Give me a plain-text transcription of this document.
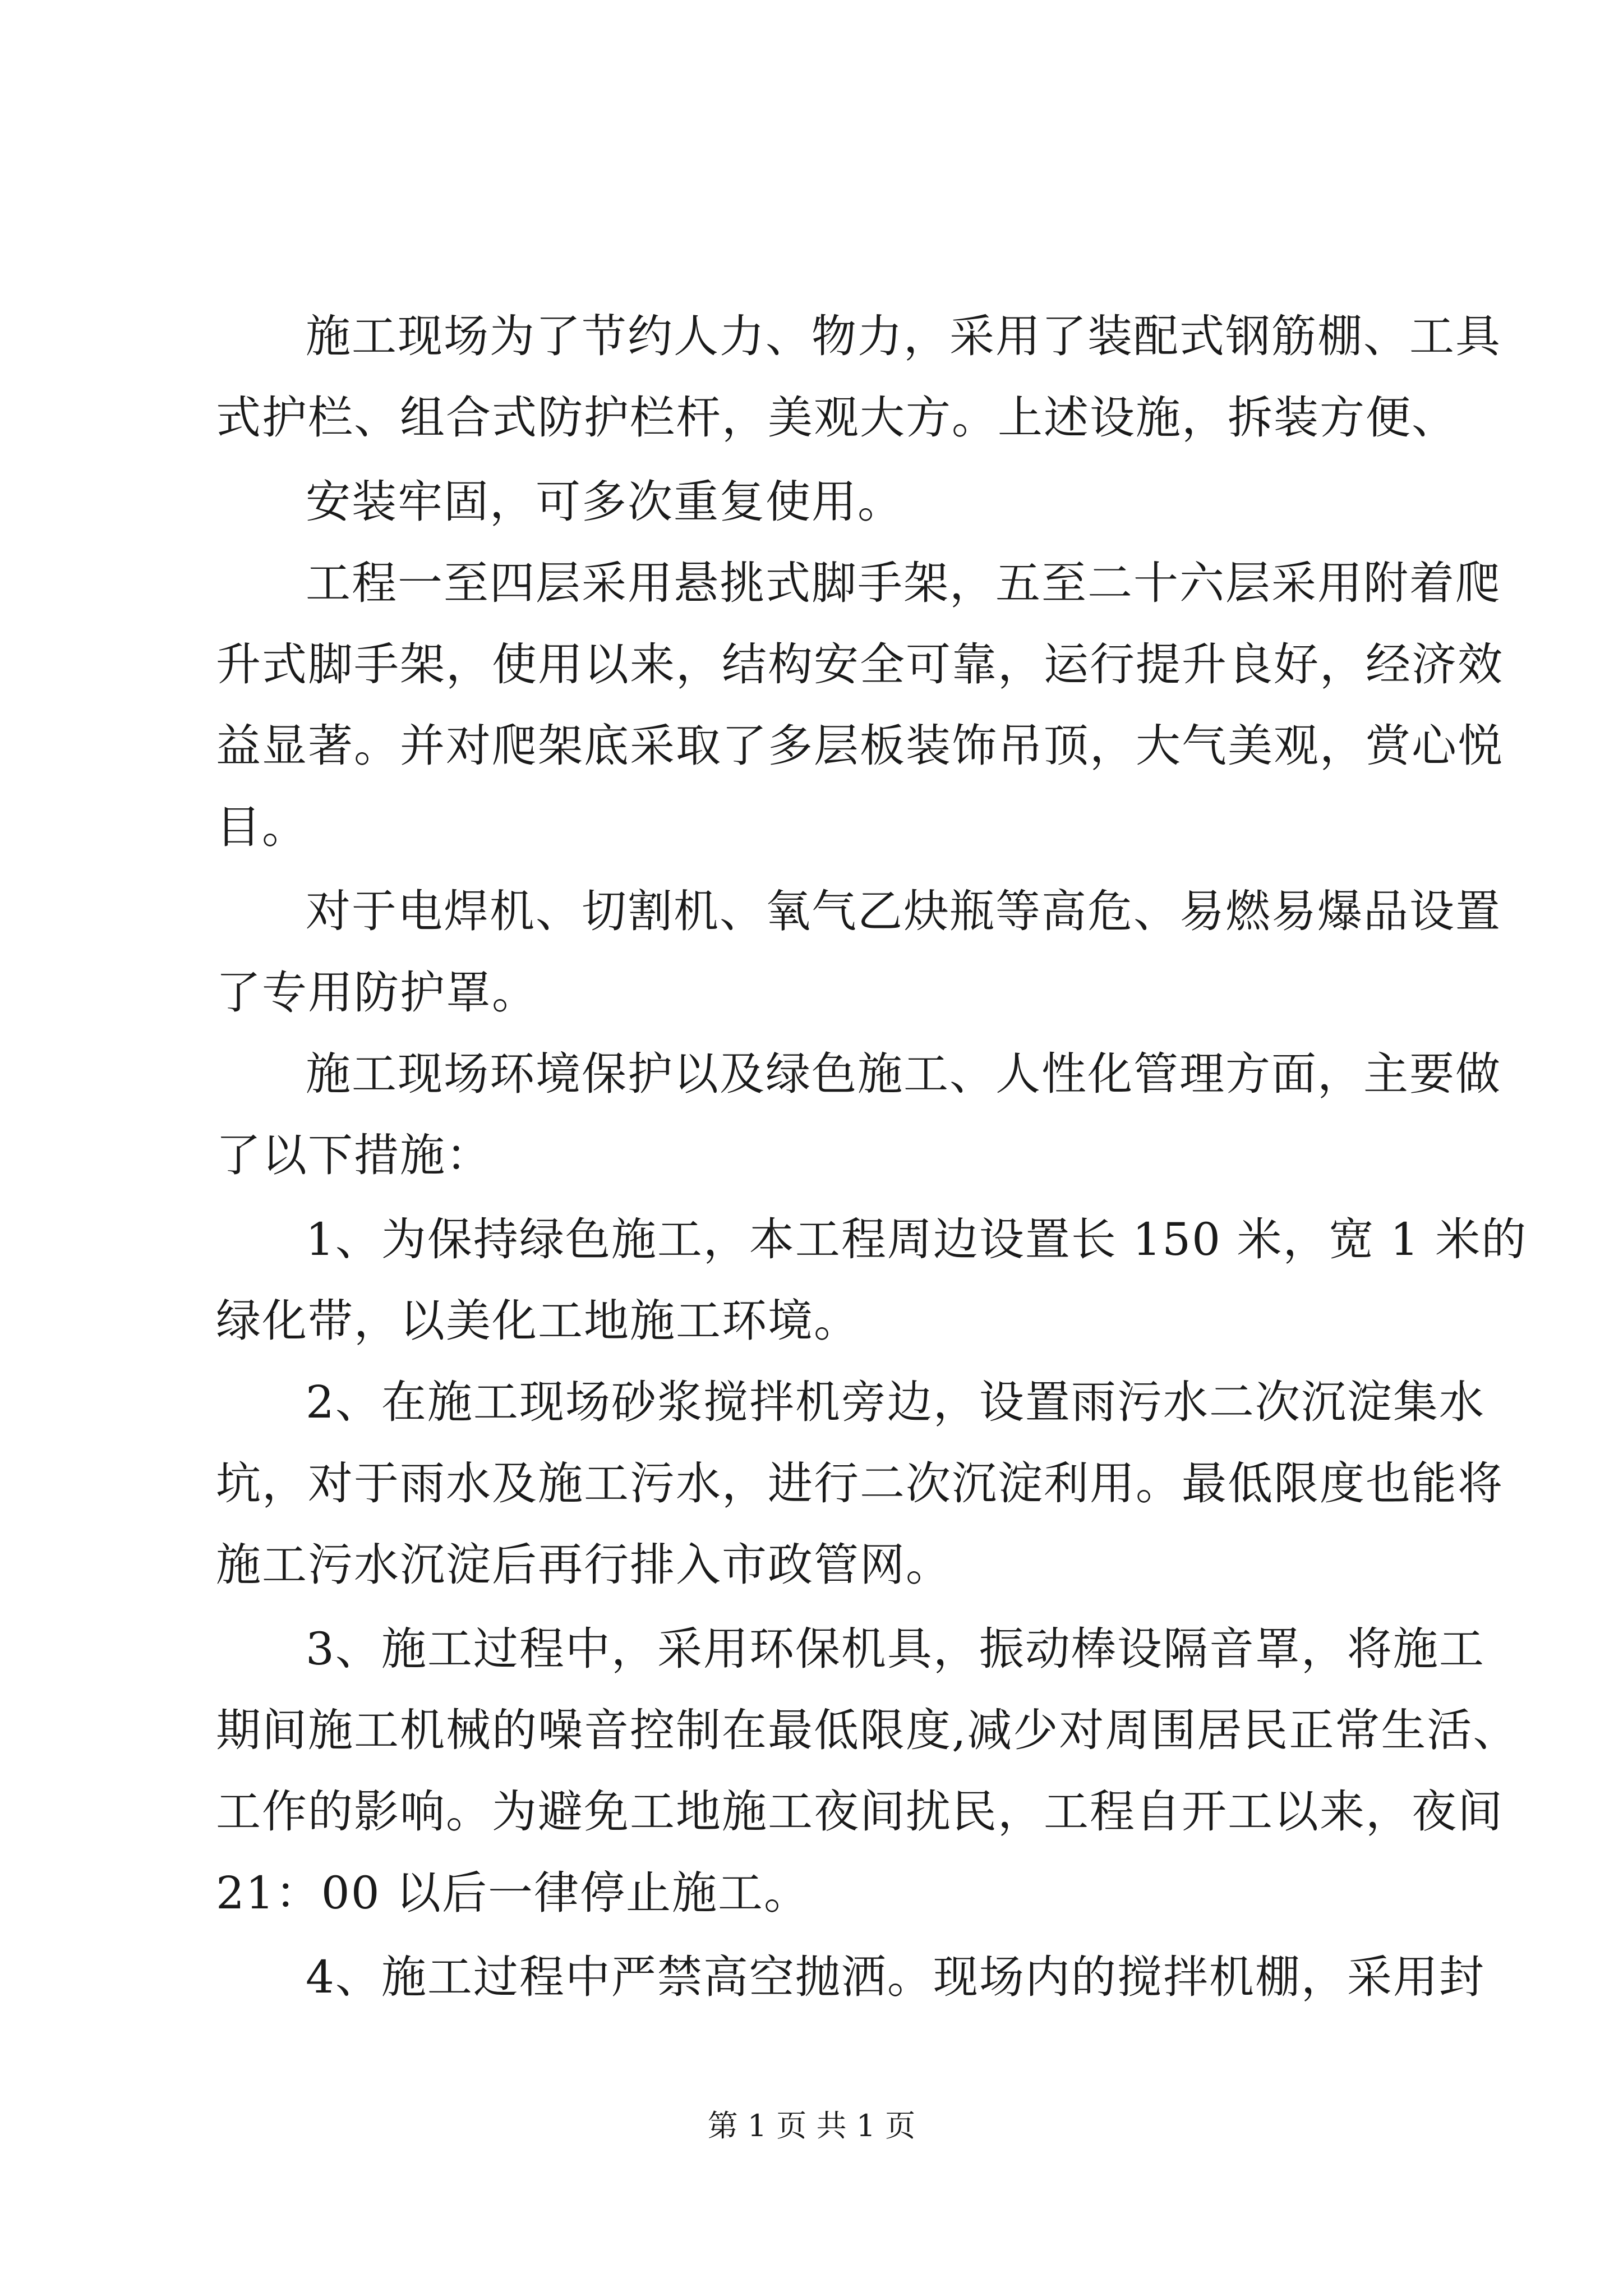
施工现场为了节约人力、物力，采用了装配式钢筋棚、工具
式护栏、组合式防护栏杆，美观大方。上述设施，拆装方便、
安装牢固，可多次重复使用。
工程一至四层采用悬挑式脚手架，五至二十六层采用附着爬
升式脚手架，使用以来，结构安全可靠，运行提升良好，经济效
益显著。并对爬架底采取了多层板装饰吊顶，大气美观，赏心悦
目。
对于电焊机、切割机、氧气乙炔瓶等高危、易燃易爆品设置
了专用防护罩。
施工现场环境保护以及绿色施工、人性化管理方面，主要做
了以下措施：
1、为保持绿色施工，本工程周边设置长 150 米，宽 1 米的
绿化带，以美化工地施工环境。
2、在施工现场砂浆搅拌机旁边，设置雨污水二次沉淀集水
坑，对于雨水及施工污水，进行二次沉淀利用。最低限度也能将
施工污水沉淀后再行排入市政管网。
3、施工过程中，采用环保机具，振动棒设隔音罩，将施工
期间施工机械的噪音控制在最低限度,减少对周围居民正常生活、
工作的影响。为避免工地施工夜间扰民，工程自开工以来，夜间
21：00 以后一律停止施工。
4、施工过程中严禁高空抛洒。现场内的搅拌机棚，采用封
第 1 页 共 1 页
